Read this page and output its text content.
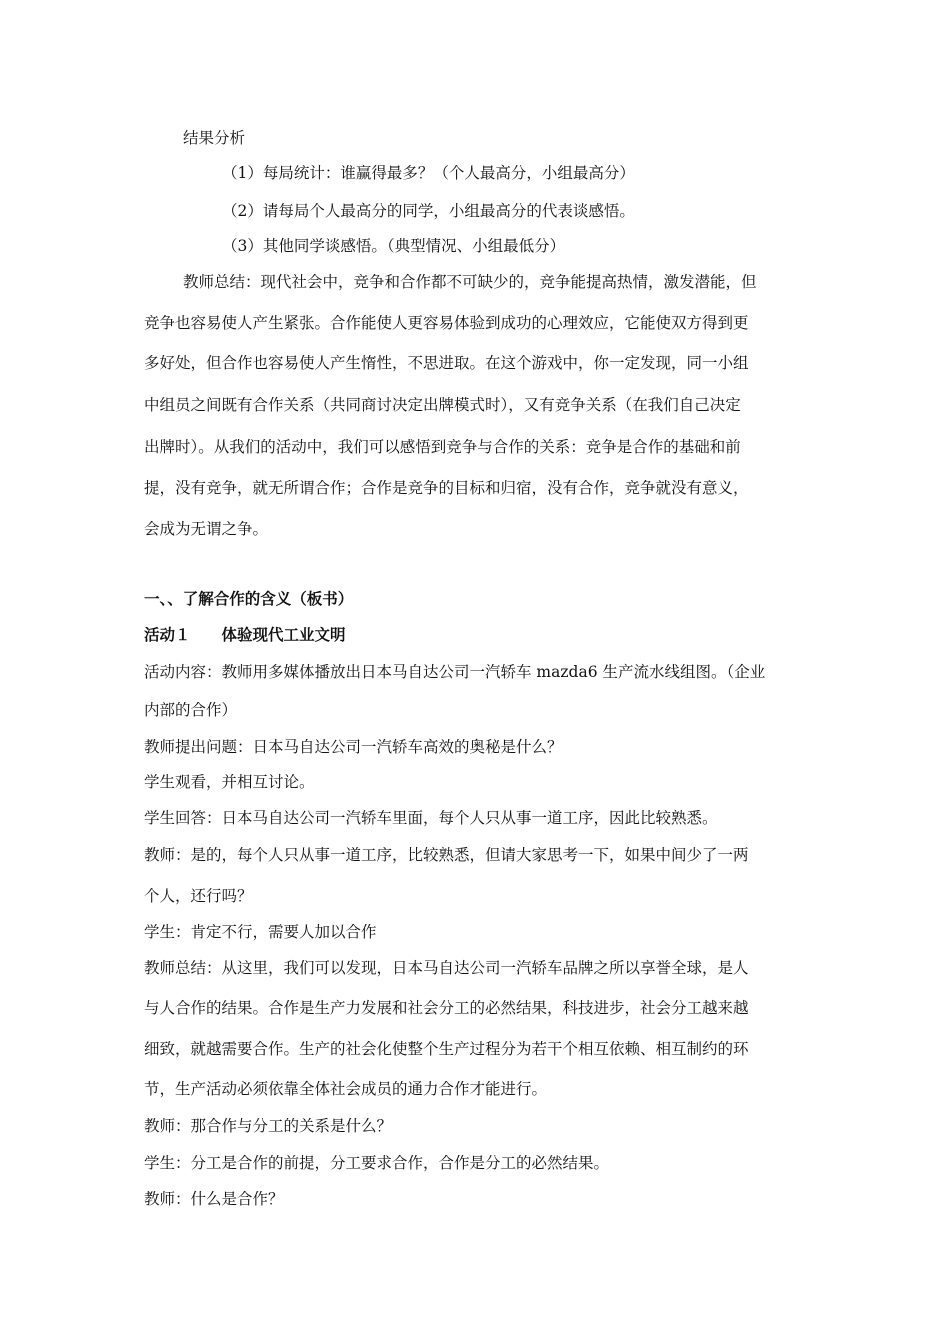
结果分析
（1）每局统计：谁赢得最多？（个人最高分，小组最高分）
（2）请每局个人最高分的同学，小组最高分的代表谈感悟。
（3）其他同学谈感悟。（典型情况、小组最低分）
教师总结：现代社会中，竞争和合作都不可缺少的，竞争能提高热情，激发潜能，但
竞争也容易使人产生紧张。合作能使人更容易体验到成功的心理效应，它能使双方得到更
多好处，但合作也容易使人产生惰性，不思进取。在这个游戏中，你一定发现，同一小组
中组员之间既有合作关系（共同商讨决定出牌模式时），又有竞争关系（在我们自己决定
出牌时）。从我们的活动中，我们可以感悟到竞争与合作的关系：竞争是合作的基础和前
提，没有竞争，就无所谓合作；合作是竞争的目标和归宿，没有合作，竞争就没有意义，
会成为无谓之争。
一、、了解合作的含义（板书）
活动１　　体验现代工业文明
活动内容：教师用多媒体播放出日本马自达公司一汽轿车 mazda6 生产流水线组图。（企业
内部的合作）
教师提出问题：日本马自达公司一汽轿车高效的奥秘是什么？
学生观看，并相互讨论。
学生回答：日本马自达公司一汽轿车里面，每个人只从事一道工序，因此比较熟悉。
教师：是的，每个人只从事一道工序，比较熟悉，但请大家思考一下，如果中间少了一两
个人，还行吗？
学生：肯定不行，需要人加以合作
教师总结：从这里，我们可以发现，日本马自达公司一汽轿车品牌之所以享誉全球，是人
与人合作的结果。合作是生产力发展和社会分工的必然结果，科技进步，社会分工越来越
细致，就越需要合作。生产的社会化使整个生产过程分为若干个相互依赖、相互制约的环
节，生产活动必须依靠全体社会成员的通力合作才能进行。
教师：那合作与分工的关系是什么？
学生：分工是合作的前提，分工要求合作，合作是分工的必然结果。
教师：什么是合作？
